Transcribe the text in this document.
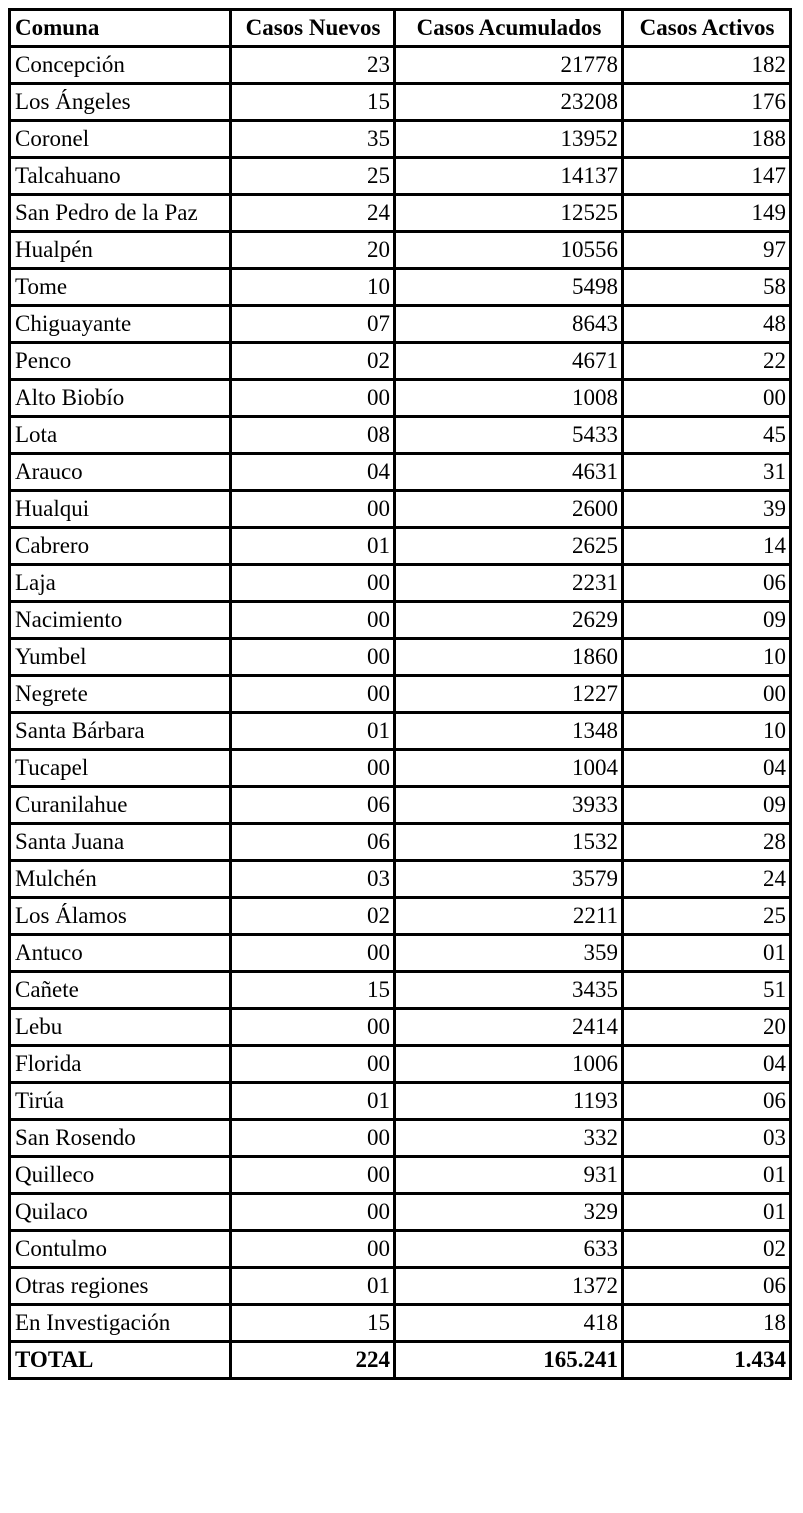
Comuna	Casos Nuevos	Casos Acumulados	Casos Activos
Concepción	23	21778	182
Los Ángeles	15	23208	176
Coronel	35	13952	188
Talcahuano	25	14137	147
San Pedro de la Paz	24	12525	149
Hualpén	20	10556	97
Tome	10	5498	58
Chiguayante	07	8643	48
Penco	02	4671	22
Alto Biobío	00	1008	00
Lota	08	5433	45
Arauco	04	4631	31
Hualqui	00	2600	39
Cabrero	01	2625	14
Laja	00	2231	06
Nacimiento	00	2629	09
Yumbel	00	1860	10
Negrete	00	1227	00
Santa Bárbara	01	1348	10
Tucapel	00	1004	04
Curanilahue	06	3933	09
Santa Juana	06	1532	28
Mulchén	03	3579	24
Los Álamos	02	2211	25
Antuco	00	359	01
Cañete	15	3435	51
Lebu	00	2414	20
Florida	00	1006	04
Tirúa	01	1193	06
San Rosendo	00	332	03
Quilleco	00	931	01
Quilaco	00	329	01
Contulmo	00	633	02
Otras regiones	01	1372	06
En Investigación	15	418	18
TOTAL	224	165.241	1.434
